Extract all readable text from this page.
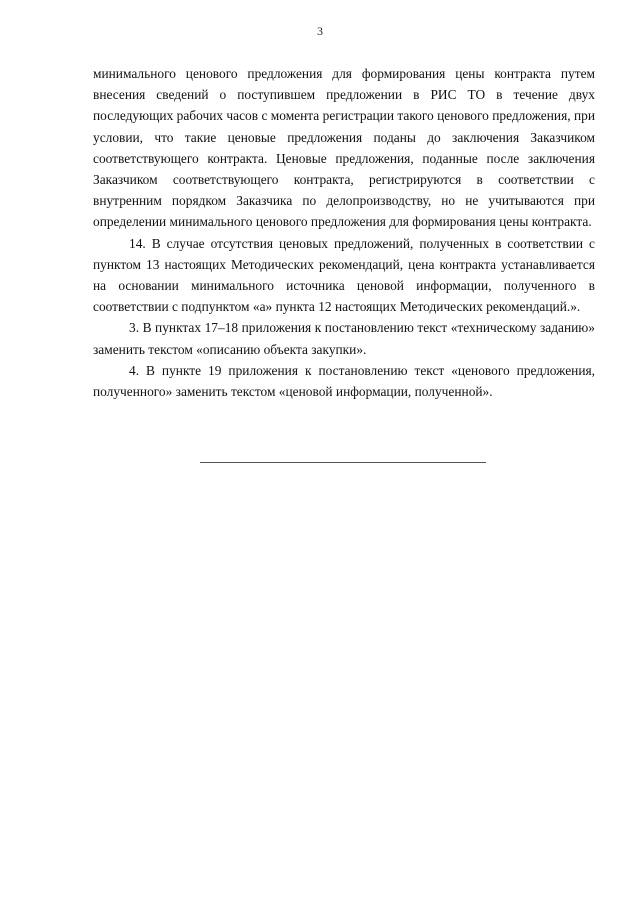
3

минимального ценового предложения для формирования цены контракта путем внесения сведений о поступившем предложении в РИС ТО в течение двух последующих рабочих часов с момента регистрации такого ценового предложения, при условии, что такие ценовые предложения поданы до заключения Заказчиком соответствующего контракта. Ценовые предложения, поданные после заключения Заказчиком соответствующего контракта, регистрируются в соответствии с внутренним порядком Заказчика по делопроизводству, но не учитываются при определении минимального ценового предложения для формирования цены контракта.

14. В случае отсутствия ценовых предложений, полученных в соответствии с пунктом 13 настоящих Методических рекомендаций, цена контракта устанавливается на основании минимального источника ценовой информации, полученного в соответствии с подпунктом «а» пункта 12 настоящих Методических рекомендаций.».

3. В пунктах 17–18 приложения к постановлению текст «техническому заданию» заменить текстом «описанию объекта закупки».

4. В пункте 19 приложения к постановлению текст «ценового предложения, полученного» заменить текстом «ценовой информации, полученной».
